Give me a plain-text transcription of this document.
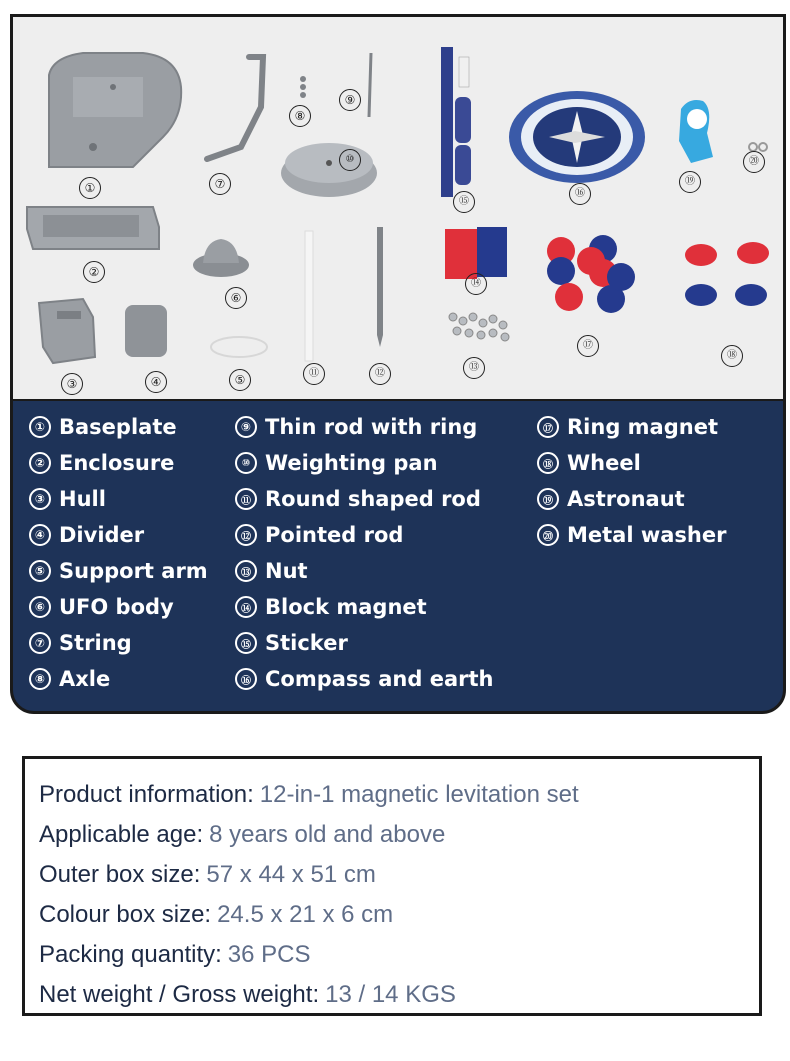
①
②
③	④	⑤
⑥
⑦
⑧
⑨
⑩
⑪	⑫
⑬
⑭
⑮
⑯
⑰
⑱
⑲
⑳
① Baseplate
② Enclosure
③ Hull
④ Divider
⑤ Support arm
⑥ UFO body
⑦ String
⑧ Axle
⑨ Thin rod with ring
⑩ Weighting pan
⑪ Round shaped rod
⑫ Pointed rod
⑬ Nut
⑭ Block magnet
⑮ Sticker
⑯ Compass and earth
⑰ Ring magnet
⑱ Wheel
⑲ Astronaut
⑳ Metal washer
Product information: 12-in-1 magnetic levitation set
Applicable age: 8 years old and above
Outer box size: 57 x 44 x 51 cm
Colour box size: 24.5 x 21 x 6 cm
Packing quantity: 36 PCS
Net weight / Gross weight: 13 / 14 KGS
